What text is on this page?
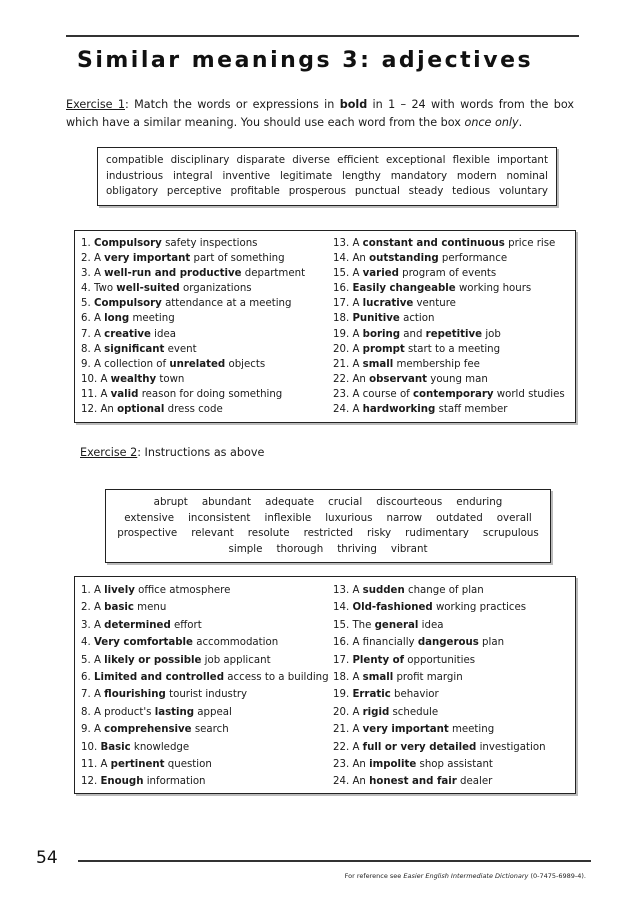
Similar meanings 3: adjectives

Exercise 1: Match the words or expressions in bold in 1 – 24 with words from the box which have a similar meaning. You should use each word from the box once only.

compatible disciplinary disparate diverse efficient exceptional flexible important
industrious integral inventive legitimate lengthy mandatory modern nominal
obligatory perceptive profitable prosperous punctual steady tedious voluntary
1. Compulsory safety inspections
2. A very important part of something
3. A well-run and productive department
4. Two well-suited organizations
5. Compulsory attendance at a meeting
6. A long meeting
7. A creative idea
8. A significant event
9. A collection of unrelated objects
10. A wealthy town
11. A valid reason for doing something
12. An optional dress code
13. A constant and continuous price rise
14. An outstanding performance
15. A varied program of events
16. Easily changeable working hours
17. A lucrative venture
18. Punitive action
19. A boring and repetitive job
20. A prompt start to a meeting
21. A small membership fee
22. An observant young man
23. A course of contemporary world studies
24. A hardworking staff member

Exercise 2: Instructions as above

abrupt abundant adequate crucial discourteous enduring
extensive inconsistent inflexible luxurious narrow outdated overall
prospective relevant resolute restricted risky rudimentary scrupulous
simple thorough thriving vibrant
1. A lively office atmosphere
2. A basic menu
3. A determined effort
4. Very comfortable accommodation
5. A likely or possible job applicant
6. Limited and controlled access to a building
7. A flourishing tourist industry
8. A product's lasting appeal
9. A comprehensive search
10. Basic knowledge
11. A pertinent question
12. Enough information
13. A sudden change of plan
14. Old-fashioned working practices
15. The general idea
16. A financially dangerous plan
17. Plenty of opportunities
18. A small profit margin
19. Erratic behavior
20. A rigid schedule
21. A very important meeting
22. A full or very detailed investigation
23. An impolite shop assistant
24. An honest and fair dealer
54
For reference see Easier English Intermediate Dictionary (0-7475-6989-4).
